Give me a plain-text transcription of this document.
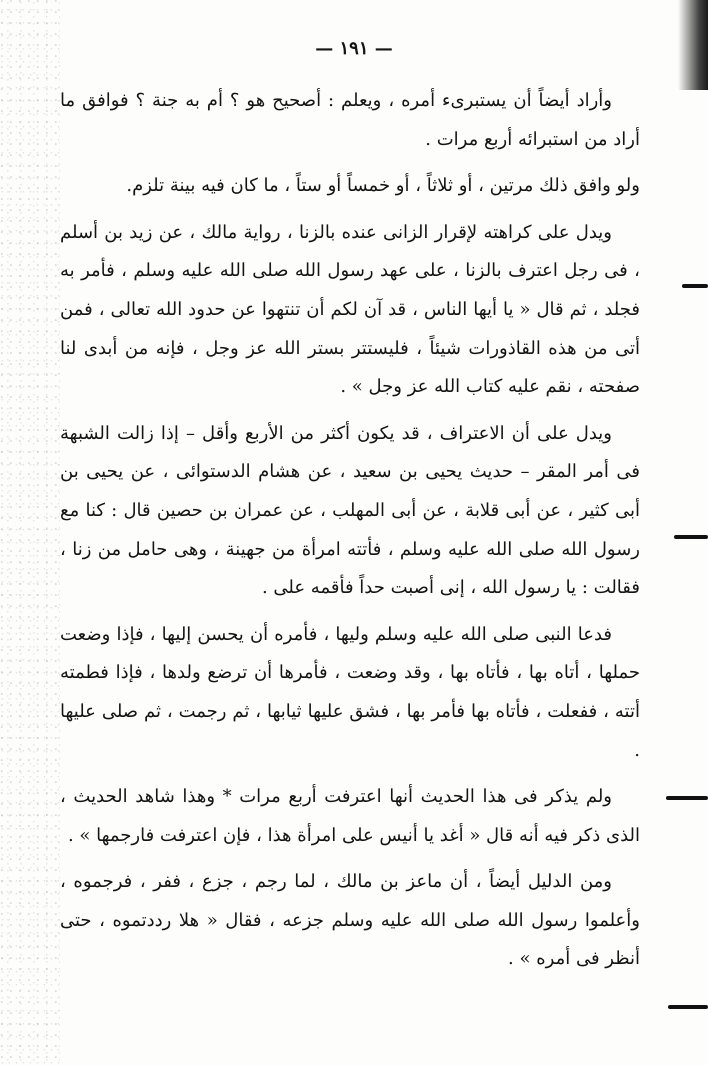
— ١٩١ —

وأراد أيضاً أن يستبرىء أمره ، ويعلم : أصحيح هو ؟ أم به جنة ؟ فوافق ما أراد من استبرائه أربع مرات .

ولو وافق ذلك مرتين ، أو ثلاثاً ، أو خمساً أو ستاً ، ما كان فيه بينة تلزم.

ويدل على كراهته لإقرار الزانى عنده بالزنا ، رواية مالك ، عن زيد بن أسلم ، فى رجل اعترف بالزنا ، على عهد رسول الله صلى الله عليه وسلم ، فأمر به فجلد ، ثم قال « يا أيها الناس ، قد آن لكم أن تنتهوا عن حدود الله تعالى ، فمن أتى من هذه القاذورات شيئاً ، فليستتر بستر الله عز وجل ، فإنه من أبدى لنا صفحته ، نقم عليه كتاب الله عز وجل » .

ويدل على أن الاعتراف ، قد يكون أكثر من الأربع وأقل – إذا زالت الشبهة فى أمر المقر – حديث يحيى بن سعيد ، عن هشام الدستوائى ، عن يحيى بن أبى كثير ، عن أبى قلابة ، عن أبى المهلب ، عن عمران بن حصين قال : كنا مع رسول الله صلى الله عليه وسلم ، فأتته امرأة من جهينة ، وهى حامل من زنا ، فقالت : يا رسول الله ، إنى أصبت حداً فأقمه على .

فدعا النبى صلى الله عليه وسلم وليها ، فأمره أن يحسن إليها ، فإذا وضعت حملها ، أتاه بها ، فأتاه بها ، وقد وضعت ، فأمرها أن ترضع ولدها ، فإذا فطمته أتته ، ففعلت ، فأتاه بها فأمر بها ، فشق عليها ثيابها ، ثم رجمت ، ثم صلى عليها .

ولم يذكر فى هذا الحديث أنها اعترفت أربع مرات * وهذا شاهد الحديث ، الذى ذكر فيه أنه قال « أغد يا أنيس على امرأة هذا ، فإن اعترفت فارجمها » .

ومن الدليل أيضاً ، أن ماعز بن مالك ، لما رجم ، جزع ، ففر ، فرجموه ، وأعلموا رسول الله صلى الله عليه وسلم جزعه ، فقال « هلا رددتموه ، حتى أنظر فى أمره » .
